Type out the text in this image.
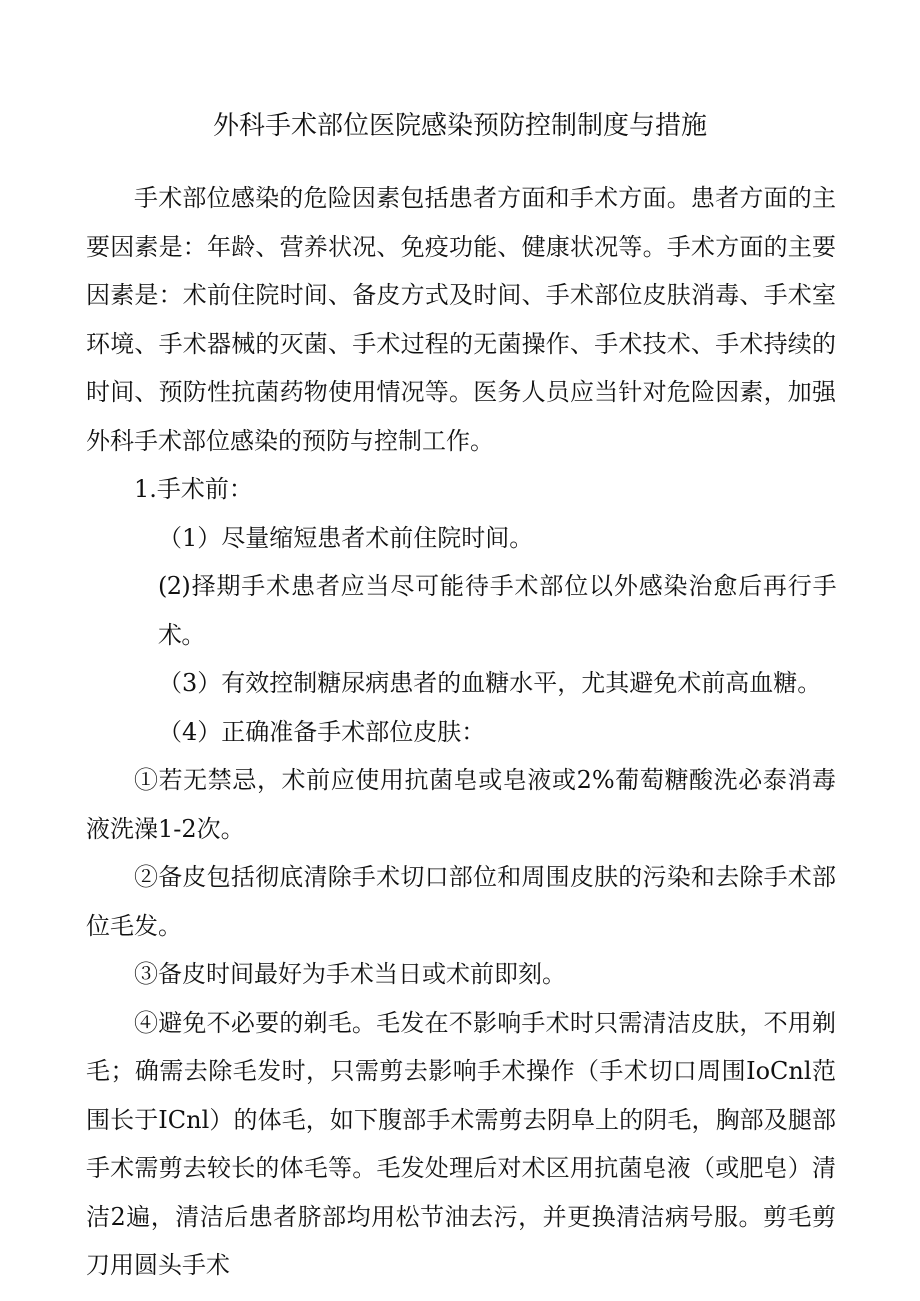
外科手术部位医院感染预防控制制度与措施

手术部位感染的危险因素包括患者方面和手术方面。患者方面的主要因素是：年龄、营养状况、免疫功能、健康状况等。手术方面的主要因素是：术前住院时间、备皮方式及时间、手术部位皮肤消毒、手术室环境、手术器械的灭菌、手术过程的无菌操作、手术技术、手术持续的时间、预防性抗菌药物使用情况等。医务人员应当针对危险因素，加强外科手术部位感染的预防与控制工作。

1.手术前：

（1）尽量缩短患者术前住院时间。

(2)择期手术患者应当尽可能待手术部位以外感染治愈后再行手术。

（3）有效控制糖尿病患者的血糖水平，尤其避免术前高血糖。

（4）正确准备手术部位皮肤：

①若无禁忌，术前应使用抗菌皂或皂液或2%葡萄糖酸洗必泰消毒液洗澡1-2次。

②备皮包括彻底清除手术切口部位和周围皮肤的污染和去除手术部位毛发。

③备皮时间最好为手术当日或术前即刻。

④避免不必要的剃毛。毛发在不影响手术时只需清洁皮肤，不用剃毛；确需去除毛发时，只需剪去影响手术操作（手术切口周围IoCnl范围长于ICnl）的体毛，如下腹部手术需剪去阴阜上的阴毛，胸部及腿部手术需剪去较长的体毛等。毛发处理后对术区用抗菌皂液（或肥皂）清洁2遍，清洁后患者脐部均用松节油去污，并更换清洁病号服。剪毛剪刀用圆头手术
